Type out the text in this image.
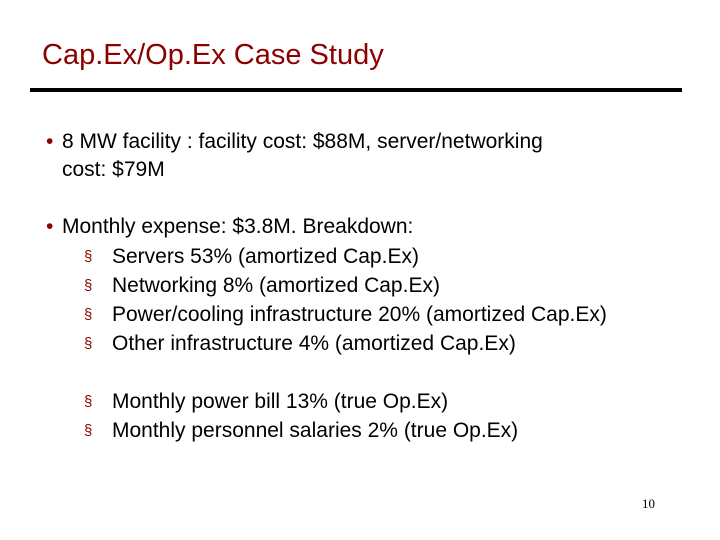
Cap.Ex/Op.Ex Case Study
• 8 MW facility : facility cost: $88M, server/networking
cost: $79M
• Monthly expense: $3.8M. Breakdown:
§ Servers 53% (amortized Cap.Ex)
§ Networking 8% (amortized Cap.Ex)
§ Power/cooling infrastructure 20% (amortized Cap.Ex)
§ Other infrastructure 4% (amortized Cap.Ex)
§ Monthly power bill 13% (true Op.Ex)
§ Monthly personnel salaries 2% (true Op.Ex)
10
